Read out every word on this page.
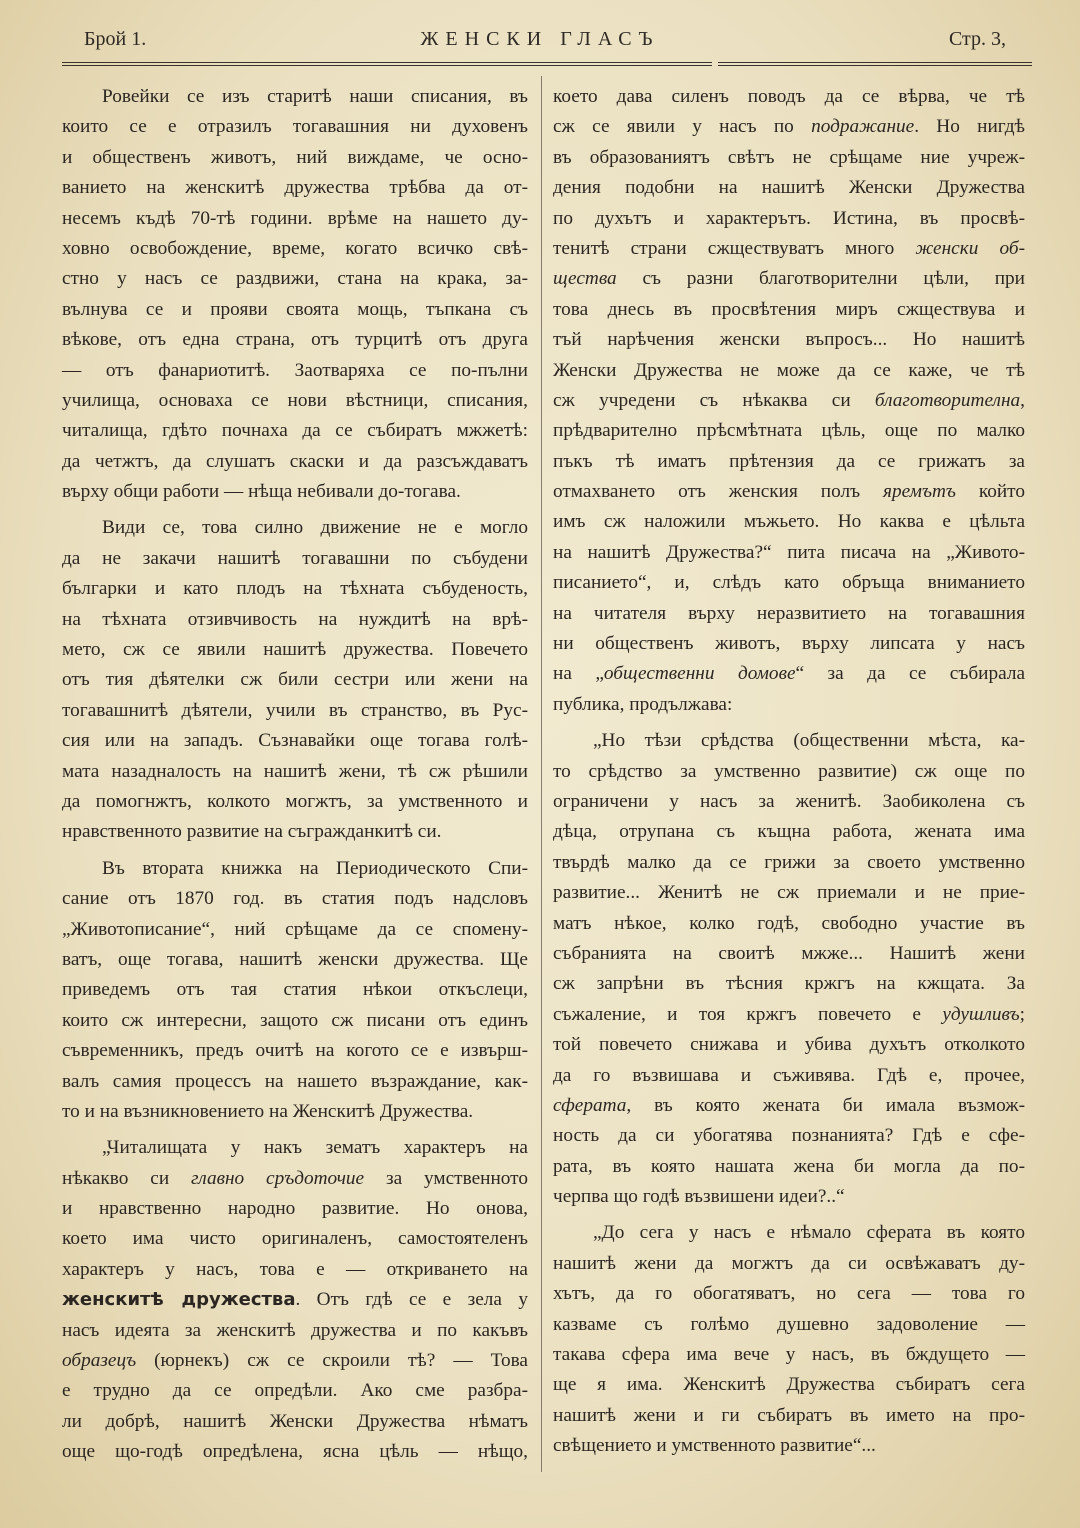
Брой 1.	ЖЕНСКИ ГЛАСЪ	Стр. 3,
Ровейки се изъ старитѣ наши списания, въ
които се е отразилъ тогавашния ни духовенъ
и общественъ животъ, ний виждаме, че осно-
ванието на женскитѣ дружества трѣбва да от-
несемъ къдѣ 70-тѣ години. врѣме на нашето ду-
ховно освобождение, време, когато всичко свѣ-
стно у насъ се раздвижи, стана на крака, за-
вълнува се и прояви своята мощь, тъпкана съ
вѣкове, отъ една страна, отъ турцитѣ отъ друга
— отъ фанариотитѣ. Заотваряха се по-пълни
училища, основаха се нови вѣстници, списания,
читалища, гдѣто почнаха да се събиратъ мжжетѣ:
да четжтъ, да слушатъ скаски и да разсъждаватъ
върху общи работи — нѣща небивали до-тогава.
Види се, това силно движение не е могло
да не закачи нашитѣ тогавашни по събудени
българки и като плодъ на тѣхната събуденость,
на тѣхната отзивчивость на нуждитѣ на врѣ-
мето, сж се явили нашитѣ дружества. Повечето
отъ тия дѣятелки сж били сестри или жени на
тогавашнитѣ дѣятели, учили въ странство, въ Рус-
сия или на западъ. Съзнавайки още тогава голѣ-
мата назадналость на нашитѣ жени, тѣ сж рѣшили
да помогнжтъ, колкото могжтъ, за умственното и
нравственното развитие на съгражданкитѣ си.
Въ втората книжка на Периодическото Спи-
сание отъ 1870 год. въ статия подъ надсловъ
„Животописание“, ний срѣщаме да се спомену-
ватъ, още тогава, нашитѣ женски дружества. Ще
приведемъ отъ тая статия нѣкои откъслеци,
които сж интересни, защото сж писани отъ единъ
съвременникъ, предъ очитѣ на когото се е извърш-
валъ самия процессъ на нашето възраждание, как-
то и на възникновението на Женскитѣ Дружества.
„Читалищата у накъ зематъ характеръ на
нѣкакво си главно сръдоточие за умственното
и нравственно народно развитие. Но онова,
което има чисто оригиналенъ, самостоятеленъ
характеръ у насъ, това е — откриването на
женскитѣ дружества. Отъ гдѣ се е зела у
насъ идеята за женскитѣ дружества и по какъвъ
образецъ (юрнекъ) сж се скроили тѣ? — Това
е трудно да се опредѣли. Ако сме разбра-
ли добрѣ, нашитѣ Женски Дружества нѣматъ
още що-годѣ опредѣлена, ясна цѣль — нѣщо,
което дава силенъ поводъ да се вѣрва, че тѣ
сж се явили у насъ по подражание. Но нигдѣ
въ образованиятъ свѣтъ не срѣщаме ние учреж-
дения подобни на нашитѣ Женски Дружества
по духътъ и характерътъ. Истина, въ просвѣ-
тенитѣ страни сжществуватъ много женски об-
щества съ разни благотворителни цѣли, при
това днесь въ просвѣтения миръ сжществува и
тъй нарѣчения женски въпросъ... Но нашитѣ
Женски Дружества не може да се каже, че тѣ
сж учредени съ нѣкаква си благотворителна,
прѣдварително прѣсмѣтната цѣль, още по малко
пъкъ тѣ иматъ прѣтензия да се грижатъ за
отмахването отъ женския полъ яремътъ който
имъ сж наложили мъжьето. Но каква е цѣльта
на нашитѣ Дружества?“ пита писача на „Живото-
писанието“, и, слѣдъ като обръща вниманието
на читателя върху неразвитието на тогавашния
ни общественъ животъ, върху липсата у насъ
на „общественни домове“ за да се събирала
публика, продължава:
„Но тѣзи срѣдства (общественни мѣста, ка-
то срѣдство за умственно развитие) сж още по
ограничени у насъ за женитѣ. Заобиколена съ
дѣца, отрупана съ къщна работа, жената има
твърдѣ малко да се грижи за своето умственно
развитие... Женитѣ не сж приемали и не прие-
матъ нѣкое, колко годѣ, свободно участие въ
събранията на своитѣ мжже... Нашитѣ жени
сж запрѣни въ тѣсния кржгъ на кжщата. За
съжаление, и тоя кржгъ повечето е удушливъ;
той повечето снижава и убива духътъ отколкото
да го възвишава и съживява. Гдѣ е, прочее,
сферата, въ която жената би имала възмож-
ность да си убогатява познанията? Гдѣ е сфе-
рата, въ която нашата жена би могла да по-
черпва що годѣ възвишени идеи?..“
„До сега у насъ е нѣмало сферата въ която
нашитѣ жени да могжтъ да си освѣжаватъ ду-
хътъ, да го обогатяватъ, но сега — това го
казваме съ голѣмо душевно задоволение —
такава сфера има вече у насъ, въ бждущето —
ще я има. Женскитѣ Дружества събиратъ сега
нашитѣ жени и ги събиратъ въ името на про-
свѣщението и умственното развитие“...
